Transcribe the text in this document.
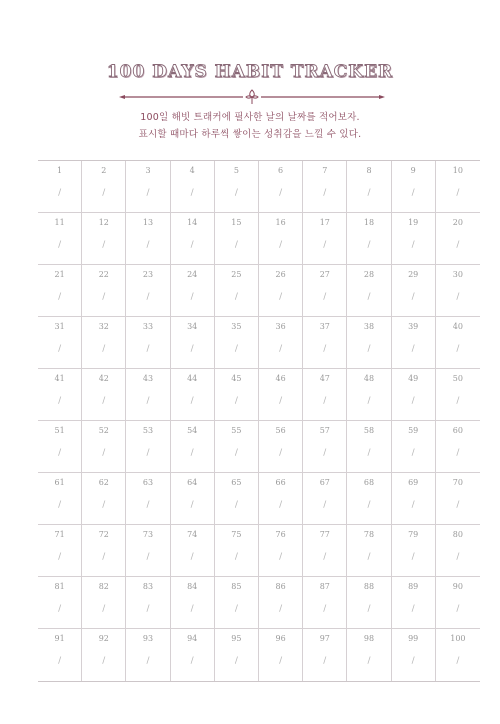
100 DAYS HABIT TRACKER
100일 해빗 트래커에 필사한 날의 날짜를 적어보자.
표시할 때마다 하루씩 쌓이는 성취감을 느낄 수 있다.
1
/
2
/
3
/
4
/
5
/
6
/
7
/
8
/
9
/
10
/
11
/
12
/
13
/
14
/
15
/
16
/
17
/
18
/
19
/
20
/
21
/
22
/
23
/
24
/
25
/
26
/
27
/
28
/
29
/
30
/
31
/
32
/
33
/
34
/
35
/
36
/
37
/
38
/
39
/
40
/
41
/
42
/
43
/
44
/
45
/
46
/
47
/
48
/
49
/
50
/
51
/
52
/
53
/
54
/
55
/
56
/
57
/
58
/
59
/
60
/
61
/
62
/
63
/
64
/
65
/
66
/
67
/
68
/
69
/
70
/
71
/
72
/
73
/
74
/
75
/
76
/
77
/
78
/
79
/
80
/
81
/
82
/
83
/
84
/
85
/
86
/
87
/
88
/
89
/
90
/
91
/
92
/
93
/
94
/
95
/
96
/
97
/
98
/
99
/
100
/
